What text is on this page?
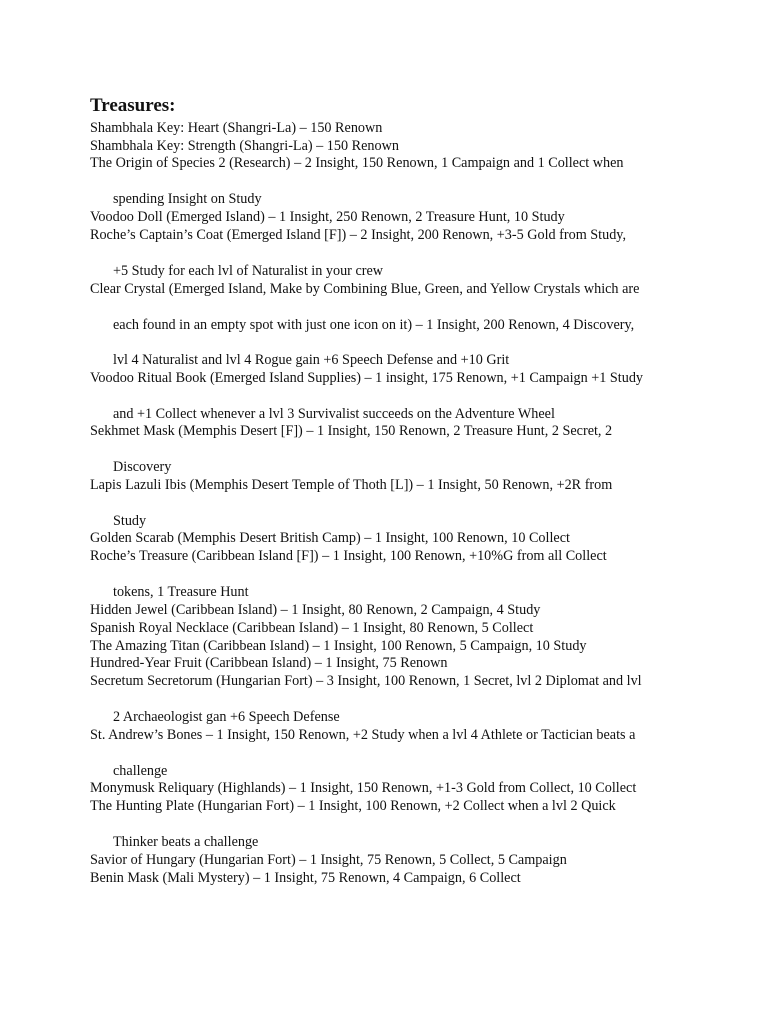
Treasures:
Shambhala Key: Heart (Shangri-La) – 150 Renown
Shambhala Key: Strength (Shangri-La) – 150 Renown
The Origin of Species 2 (Research) – 2 Insight, 150 Renown, 1 Campaign and 1 Collect when
spending Insight on Study
Voodoo Doll (Emerged Island) – 1 Insight, 250 Renown, 2 Treasure Hunt, 10 Study
Roche’s Captain’s Coat (Emerged Island [F]) – 2 Insight, 200 Renown, +3-5 Gold from Study,
+5 Study for each lvl of Naturalist in your crew
Clear Crystal (Emerged Island, Make by Combining Blue, Green, and Yellow Crystals which are
each found in an empty spot with just one icon on it) – 1 Insight, 200 Renown, 4 Discovery,
lvl 4 Naturalist and lvl 4 Rogue gain +6 Speech Defense and +10 Grit
Voodoo Ritual Book (Emerged Island Supplies) – 1 insight, 175 Renown, +1 Campaign +1 Study
and +1 Collect whenever a lvl 3 Survivalist succeeds on the Adventure Wheel
Sekhmet Mask (Memphis Desert [F]) – 1 Insight, 150 Renown, 2 Treasure Hunt, 2 Secret, 2
Discovery
Lapis Lazuli Ibis (Memphis Desert Temple of Thoth [L]) – 1 Insight, 50 Renown, +2R from
Study
Golden Scarab (Memphis Desert British Camp) – 1 Insight, 100 Renown, 10 Collect
Roche’s Treasure (Caribbean Island [F]) – 1 Insight, 100 Renown, +10%G from all Collect
tokens, 1 Treasure Hunt
Hidden Jewel (Caribbean Island) – 1 Insight, 80 Renown, 2 Campaign, 4 Study
Spanish Royal Necklace (Caribbean Island) – 1 Insight, 80 Renown, 5 Collect
The Amazing Titan (Caribbean Island) – 1 Insight, 100 Renown, 5 Campaign, 10 Study
Hundred-Year Fruit (Caribbean Island) – 1 Insight, 75 Renown
Secretum Secretorum (Hungarian Fort) – 3 Insight, 100 Renown, 1 Secret, lvl 2 Diplomat and lvl
2 Archaeologist gan +6 Speech Defense
St. Andrew’s Bones – 1 Insight, 150 Renown, +2 Study when a lvl 4 Athlete or Tactician beats a
challenge
Monymusk Reliquary (Highlands) – 1 Insight, 150 Renown, +1-3 Gold from Collect, 10 Collect
The Hunting Plate (Hungarian Fort) – 1 Insight, 100 Renown, +2 Collect when a lvl 2 Quick
Thinker beats a challenge
Savior of Hungary (Hungarian Fort) – 1 Insight, 75 Renown, 5 Collect, 5 Campaign
Benin Mask (Mali Mystery) – 1 Insight, 75 Renown, 4 Campaign, 6 Collect
